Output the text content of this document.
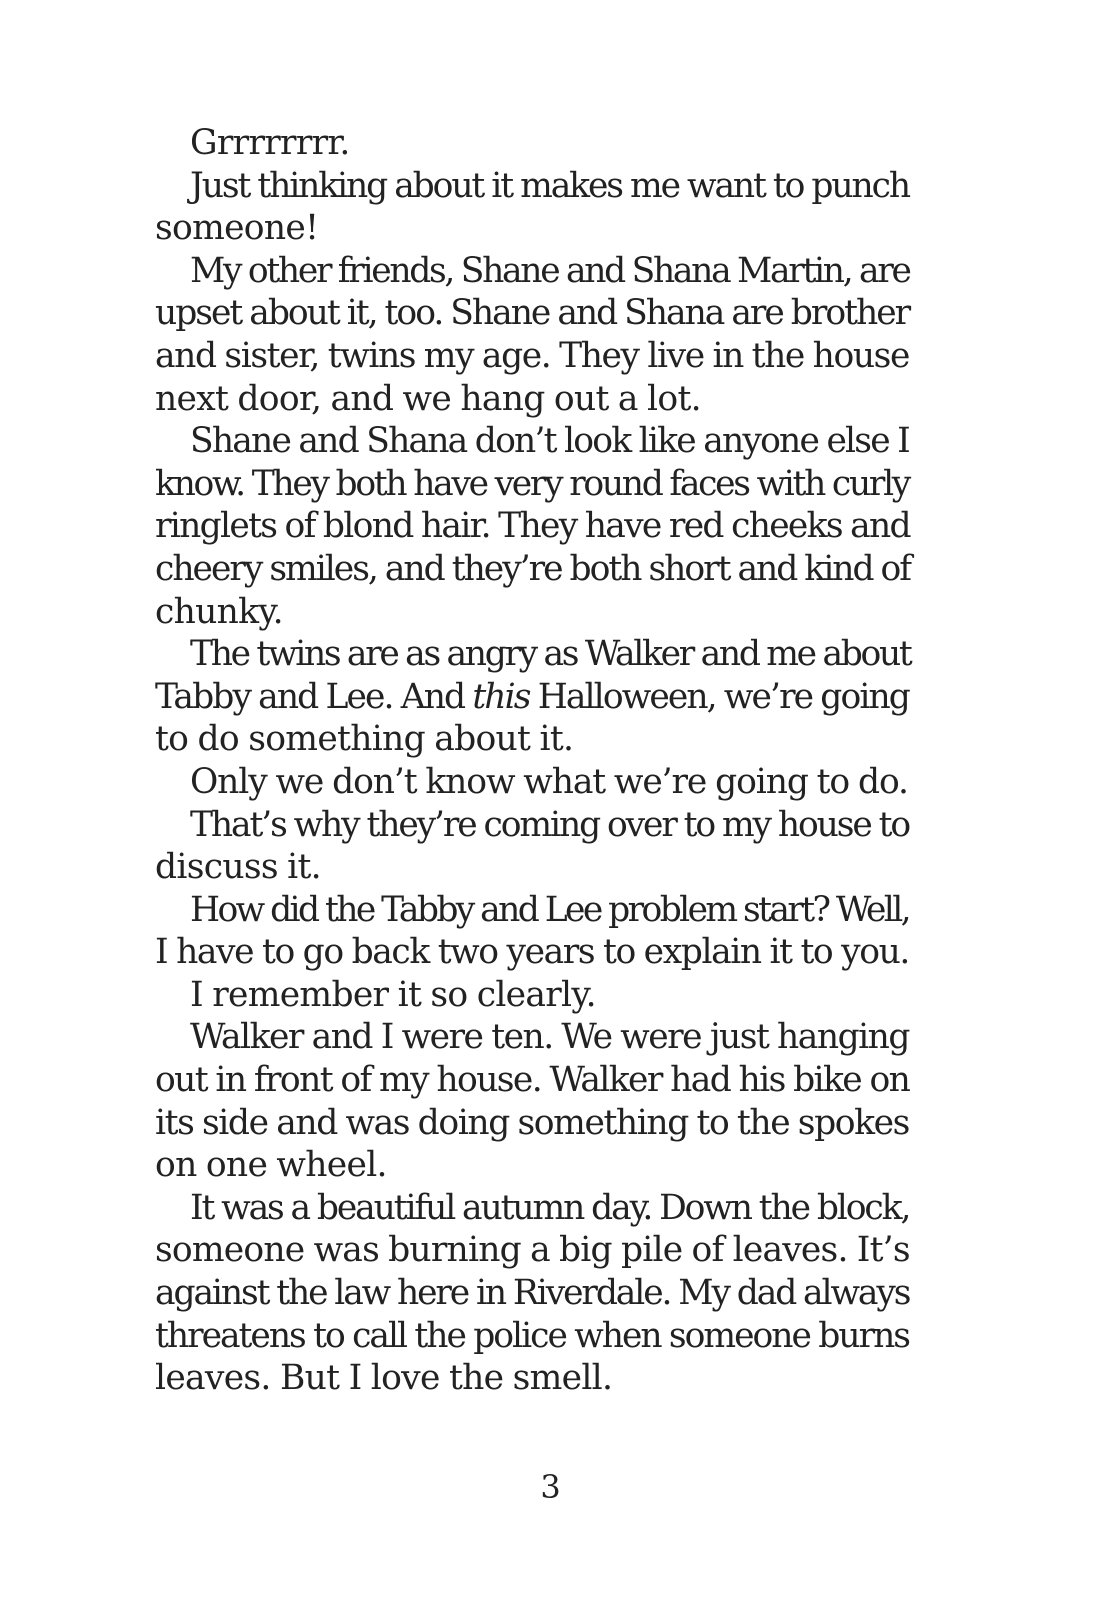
Grrrrrrrr.
Just thinking about it makes me want to punch
someone!
My other friends, Shane and Shana Martin, are
upset about it, too. Shane and Shana are brother
and sister, twins my age. They live in the house
next door, and we hang out a lot.
Shane and Shana don’t look like anyone else I
know. They both have very round faces with curly
ringlets of blond hair. They have red cheeks and
cheery smiles, and they’re both short and kind of
chunky.
The twins are as angry as Walker and me about
Tabby and Lee. And this Halloween, we’re going
to do something about it.
Only we don’t know what we’re going to do.
That’s why they’re coming over to my house to
discuss it.
How did the Tabby and Lee problem start? Well,
I have to go back two years to explain it to you.
I remember it so clearly.
Walker and I were ten. We were just hanging
out in front of my house. Walker had his bike on
its side and was doing something to the spokes
on one wheel.
It was a beautiful autumn day. Down the block,
someone was burning a big pile of leaves. It’s
against the law here in Riverdale. My dad always
threatens to call the police when someone burns
leaves. But I love the smell.
3
